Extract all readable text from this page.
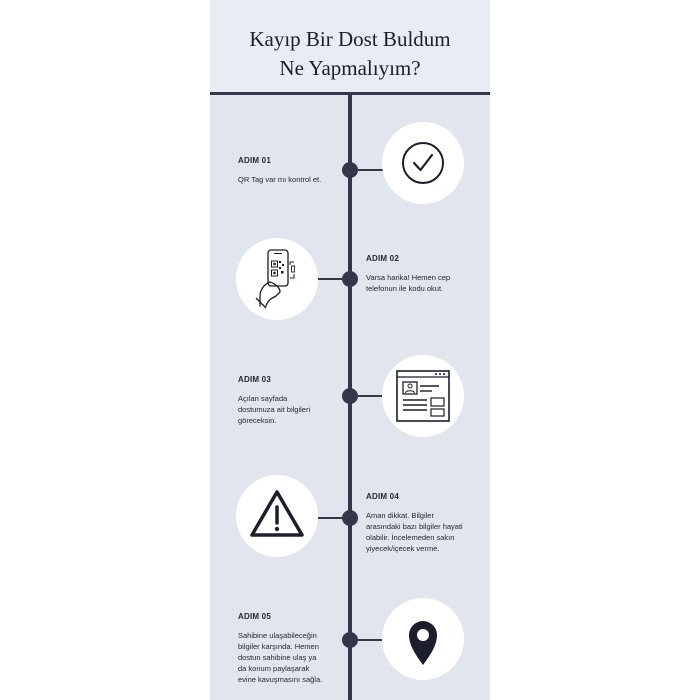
Kayıp Bir Dost Buldum
Ne Yapmalıyım?
ADIM 01
QR Tag var mı kontrol et.
ADIM 02
Varsa harika! Hemen cep
telefonun ile kodu okut.
ADIM 03
Açılan sayfada
dostumuza ait bilgileri
göreceksin.
ADIM 04
Aman dikkat. Bilgiler
arasındaki bazı bilgiler hayati
olabilir. İncelemeden sakın
yiyecek/içecek verme.
ADIM 05
Sahibine ulaşabileceğin
bilgiler karşında. Hemen
dostun sahibine ulaş ya
da konum paylaşarak
evine kavuşmasını sağla.
